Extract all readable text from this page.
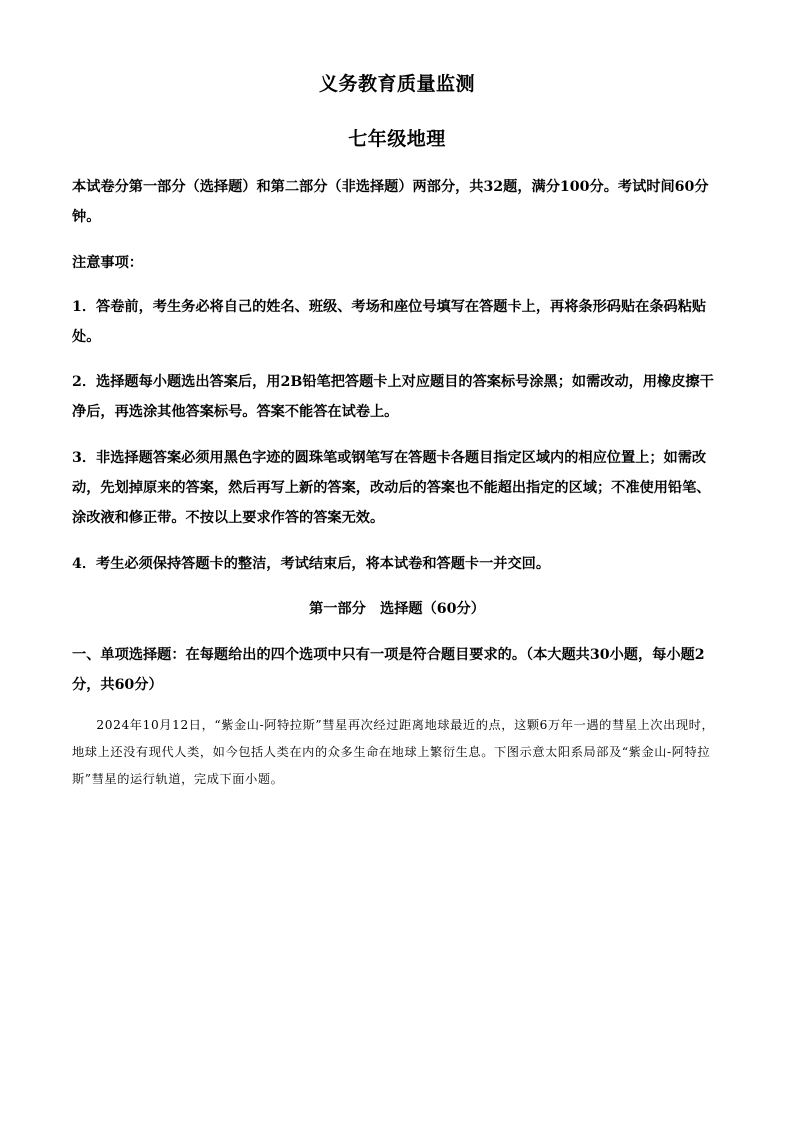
义务教育质量监测
七年级地理

本试卷分第一部分（选择题）和第二部分（非选择题）两部分，共32题，满分100分。考试时间60分钟。

注意事项：

1．答卷前，考生务必将自己的姓名、班级、考场和座位号填写在答题卡上，再将条形码贴在条码粘贴处。

2．选择题每小题选出答案后，用2B铅笔把答题卡上对应题目的答案标号涂黑；如需改动，用橡皮擦干净后，再选涂其他答案标号。答案不能答在试卷上。

3．非选择题答案必须用黑色字迹的圆珠笔或钢笔写在答题卡各题目指定区域内的相应位置上；如需改动，先划掉原来的答案，然后再写上新的答案，改动后的答案也不能超出指定的区域；不准使用铅笔、涂改液和修正带。不按以上要求作答的答案无效。

4．考生必须保持答题卡的整洁，考试结束后，将本试卷和答题卡一并交回。

第一部分　选择题（60分）

一、单项选择题：在每题给出的四个选项中只有一项是符合题目要求的。（本大题共30小题，每小题2分，共60分）

2024年10月12日，“紫金山-阿特拉斯”彗星再次经过距离地球最近的点，这颗6万年一遇的彗星上次出现时，地球上还没有现代人类，如今包括人类在内的众多生命在地球上繁衍生息。下图示意太阳系局部及“紫金山-阿特拉斯”彗星的运行轨道，完成下面小题。
